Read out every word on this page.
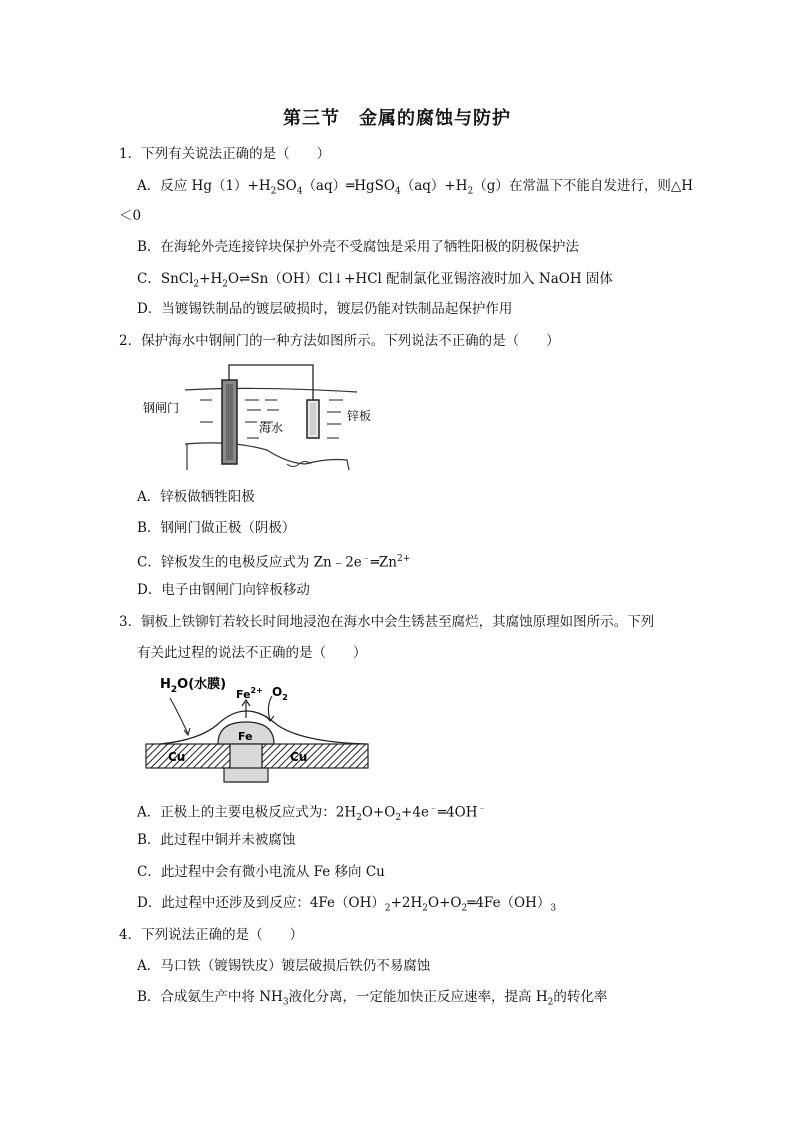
第三节　金属的腐蚀与防护
1．下列有关说法正确的是（　　）
A．反应 $Hg(1)+H_2SO_4(aq)═HgSO_4(aq)+H_2(g)$在常温下不能自发进行，则△H
＜0
B．在海轮外壳连接锌块保护外壳不受腐蚀是采用了牺牲阳极的阴极保护法
C．$SnCl_2+H_2O\rightleftharpoons Sn(OH)Cl↓+HCl$ 配制氯化亚锡溶液时加入 NaOH 固体
D．当镀锡铁制品的镀层破损时，镀层仍能对铁制品起保护作用
2．保护海水中钢闸门的一种方法如图所示。下列说法不正确的是（　　）
钢闸门
海水
锌板
A．锌板做牺牲阳极
B．钢闸门做正极（阴极）
C．锌板发生的电极反应式为 $Zn﹣2e^﹣═Zn^{2+}$
D．电子由钢闸门向锌板移动
3．铜板上铁铆钉若较长时间地浸泡在海水中会生锈甚至腐烂，其腐蚀原理如图所示。下列
有关此过程的说法不正确的是（　　）
$H_2O$(水膜)
$Fe^{2+}$ $O_2$
Fe
Cu	Cu
A．正极上的主要电极反应式为：$2H_2O+O_2+4e^﹣═4OH^﹣$
B．此过程中铜并未被腐蚀
C．此过程中会有微小电流从 Fe 移向 Cu
D．此过程中还涉及到反应：$4Fe(OH)_2+2H_2O+O_2═4Fe(OH)_3$
4．下列说法正确的是（　　）
A．马口铁（镀锡铁皮）镀层破损后铁仍不易腐蚀
B．合成氨生产中将 $NH_3$液化分离，一定能加快正反应速率，提高 $H_2$的转化率
